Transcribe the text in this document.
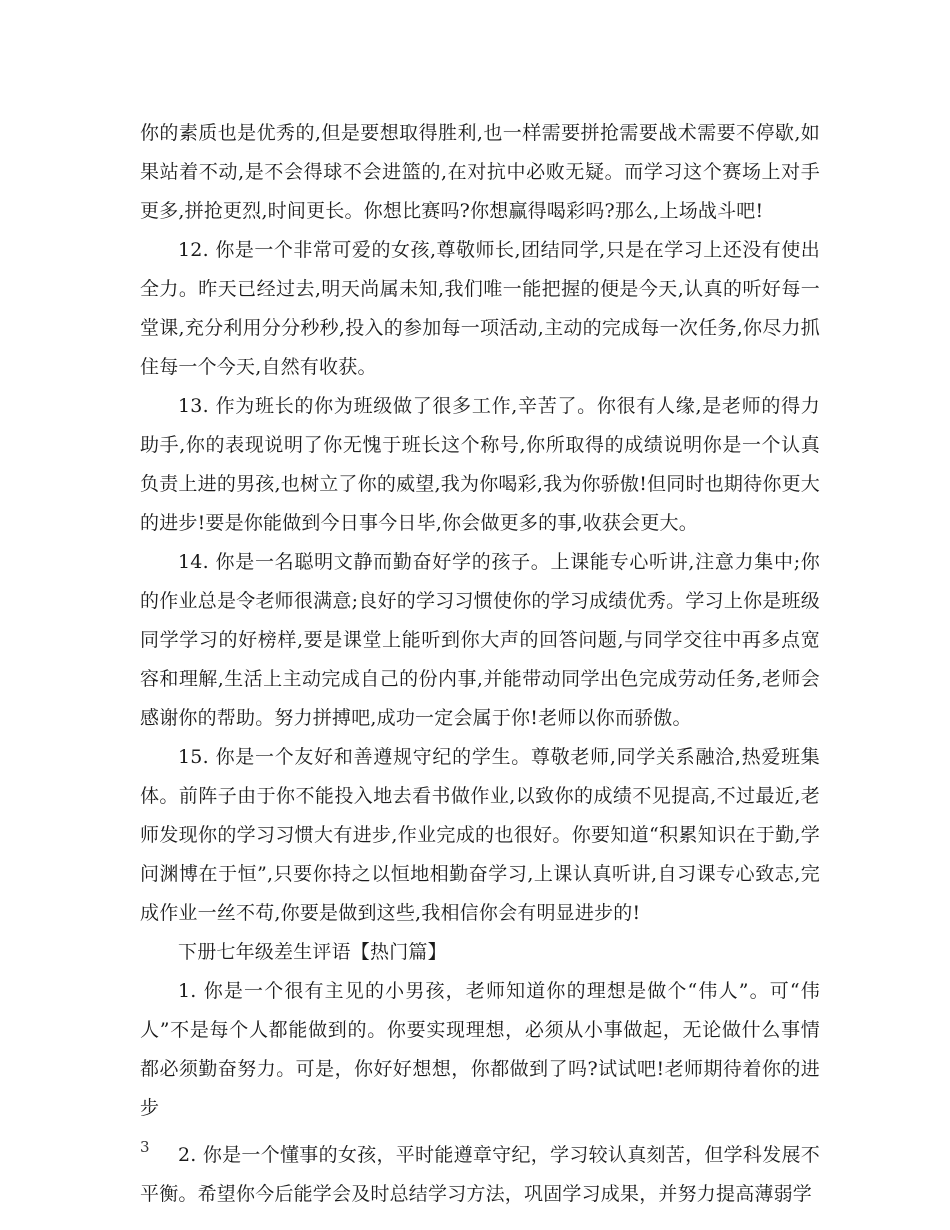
你的素质也是优秀的,但是要想取得胜利,也一样需要拼抢需要战术需要不停歇,如果站着不动,是不会得球不会进篮的,在对抗中必败无疑。而学习这个赛场上对手更多,拼抢更烈,时间更长。你想比赛吗?你想赢得喝彩吗?那么,上场战斗吧!

12. 你是一个非常可爱的女孩,尊敬师长,团结同学,只是在学习上还没有使出全力。昨天已经过去,明天尚属未知,我们唯一能把握的便是今天,认真的听好每一堂课,充分利用分分秒秒,投入的参加每一项活动,主动的完成每一次任务,你尽力抓住每一个今天,自然有收获。

13. 作为班长的你为班级做了很多工作,辛苦了。你很有人缘,是老师的得力助手,你的表现说明了你无愧于班长这个称号,你所取得的成绩说明你是一个认真负责上进的男孩,也树立了你的威望,我为你喝彩,我为你骄傲!但同时也期待你更大的进步!要是你能做到今日事今日毕,你会做更多的事,收获会更大。

14. 你是一名聪明文静而勤奋好学的孩子。上课能专心听讲,注意力集中;你的作业总是令老师很满意;良好的学习习惯使你的学习成绩优秀。学习上你是班级同学学习的好榜样,要是课堂上能听到你大声的回答问题,与同学交往中再多点宽容和理解,生活上主动完成自己的份内事,并能带动同学出色完成劳动任务,老师会感谢你的帮助。努力拼搏吧,成功一定会属于你!老师以你而骄傲。

15. 你是一个友好和善遵规守纪的学生。尊敬老师,同学关系融洽,热爱班集体。前阵子由于你不能投入地去看书做作业,以致你的成绩不见提高,不过最近,老师发现你的学习习惯大有进步,作业完成的也很好。你要知道“积累知识在于勤,学问渊博在于恒”,只要你持之以恒地相勤奋学习,上课认真听讲,自习课专心致志,完成作业一丝不苟,你要是做到这些,我相信你会有明显进步的!

下册七年级差生评语【热门篇】

1. 你是一个很有主见的小男孩，老师知道你的理想是做个“伟人”。可“伟人”不是每个人都能做到的。你要实现理想，必须从小事做起，无论做什么事情都必须勤奋努力。可是，你好好想想，你都做到了吗?试试吧!老师期待着你的进步

2. 你是一个懂事的女孩，平时能遵章守纪，学习较认真刻苦，但学科发展不平衡。希望你今后能学会及时总结学习方法，巩固学习成果，并努力提高薄弱学

3
